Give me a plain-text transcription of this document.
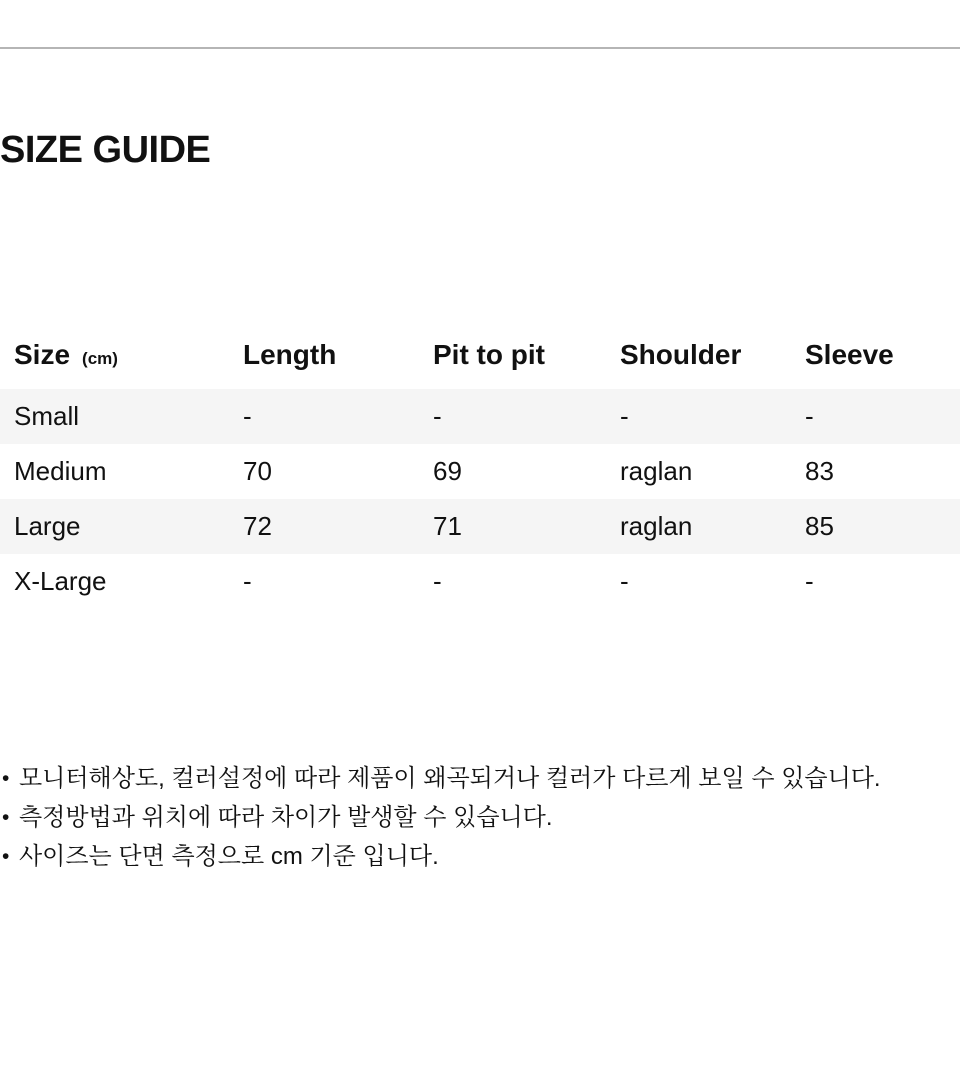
SIZE GUIDE
Size (cm)	Length	Pit to pit	Shoulder	Sleeve
Small	-	-	-	-
Medium	70	69	raglan	83
Large	72	71	raglan	85
X-Large	-	-	-	-
• 모니터해상도, 컬러설정에 따라 제품이 왜곡되거나 컬러가 다르게 보일 수 있습니다.
• 측정방법과 위치에 따라 차이가 발생할 수 있습니다.
• 사이즈는 단면 측정으로 cm 기준 입니다.
